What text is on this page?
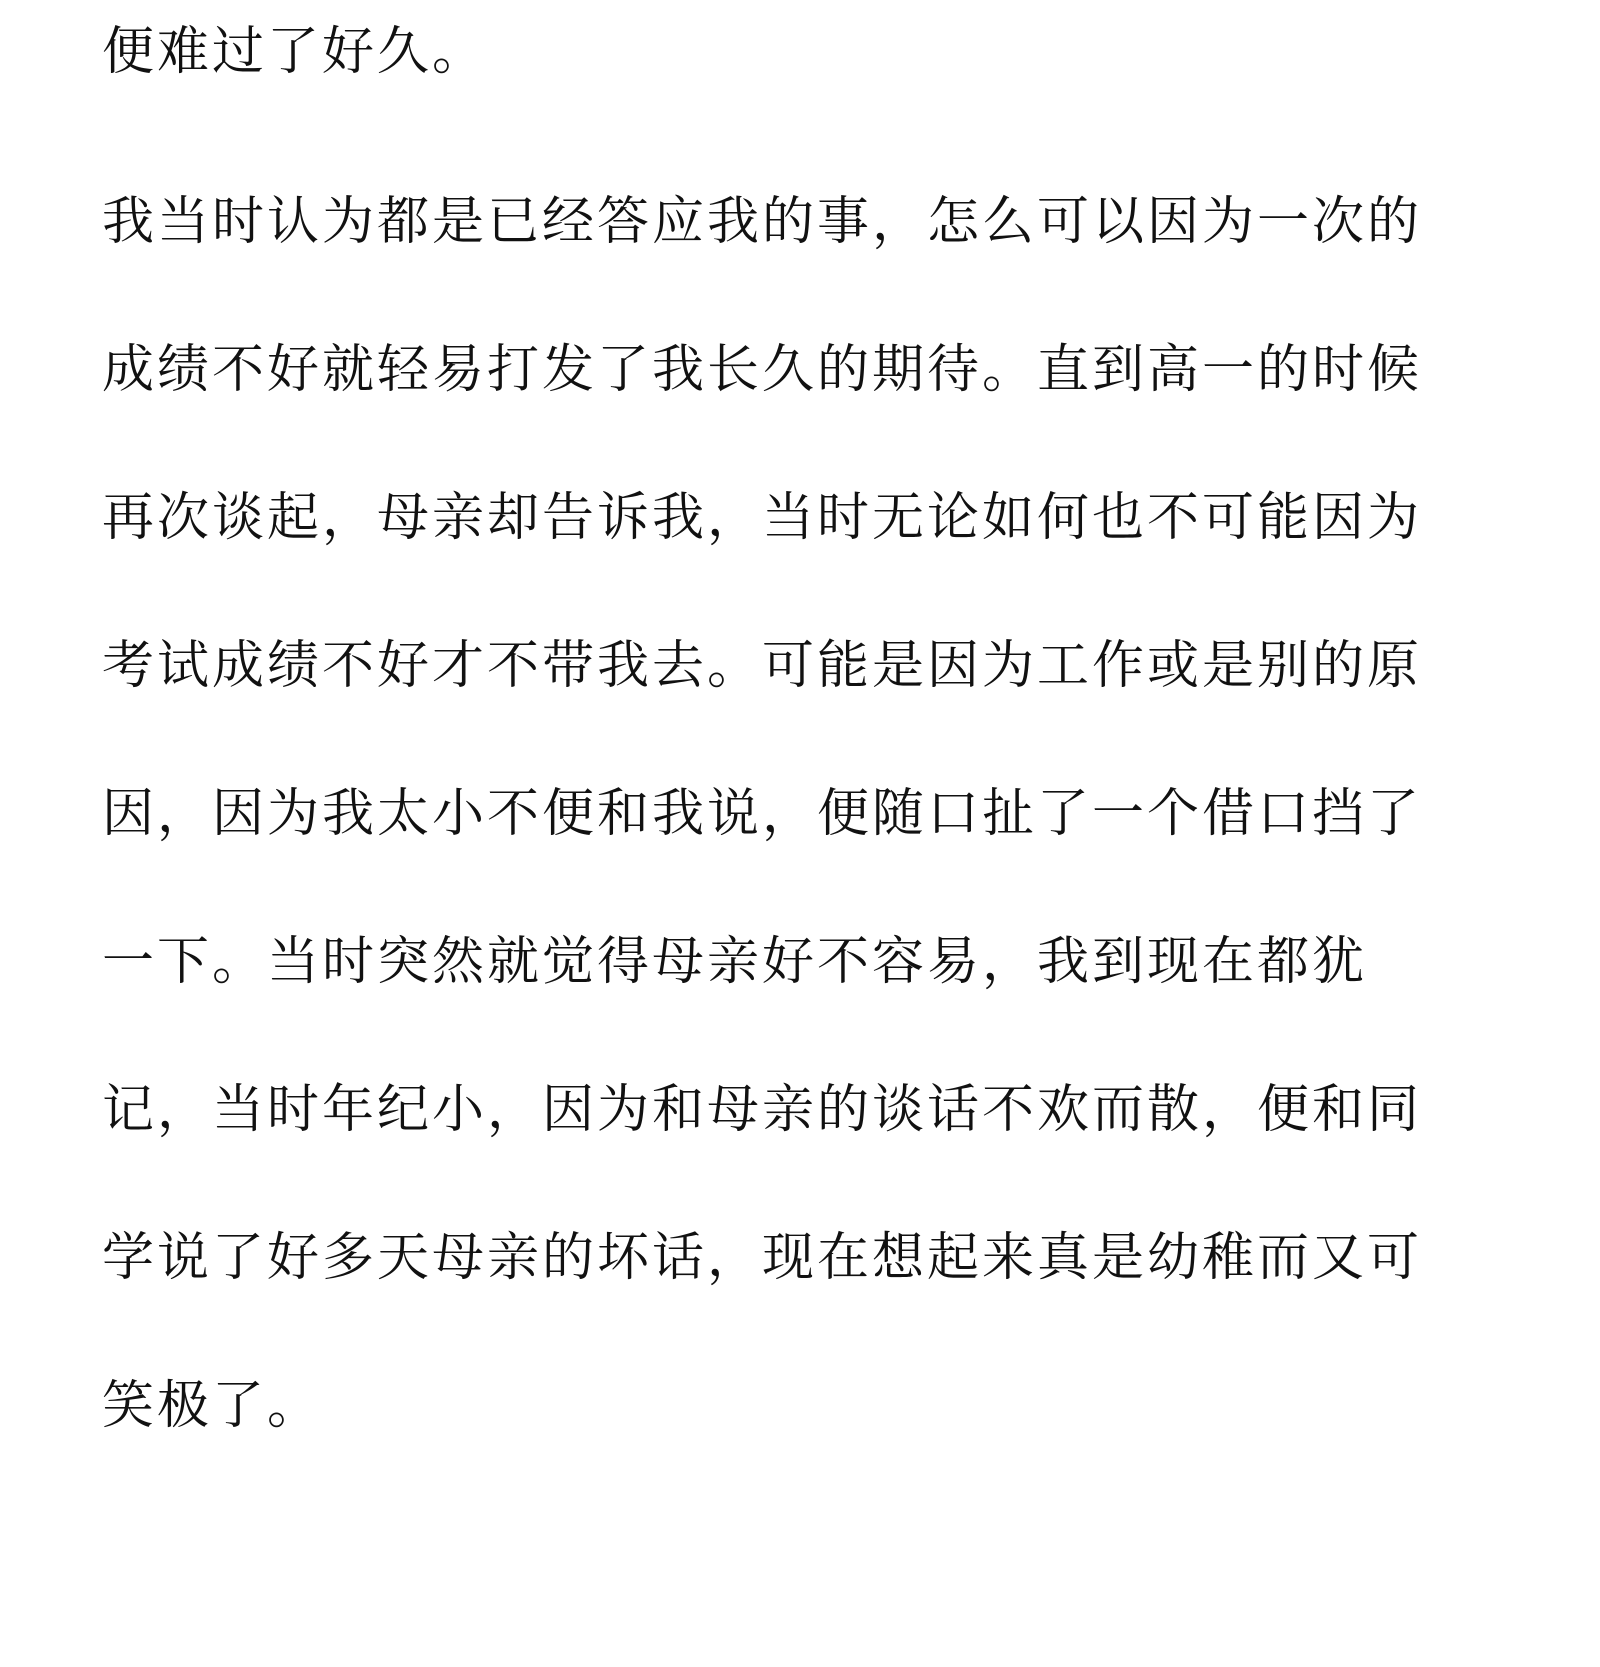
便难过了好久。
我当时认为都是已经答应我的事，怎么可以因为一次的
成绩不好就轻易打发了我长久的期待。直到高一的时候
再次谈起，母亲却告诉我，当时无论如何也不可能因为
考试成绩不好才不带我去。可能是因为工作或是别的原
因，因为我太小不便和我说，便随口扯了一个借口挡了
一下。当时突然就觉得母亲好不容易，我到现在都犹
记，当时年纪小，因为和母亲的谈话不欢而散，便和同
学说了好多天母亲的坏话，现在想起来真是幼稚而又可
笑极了。
